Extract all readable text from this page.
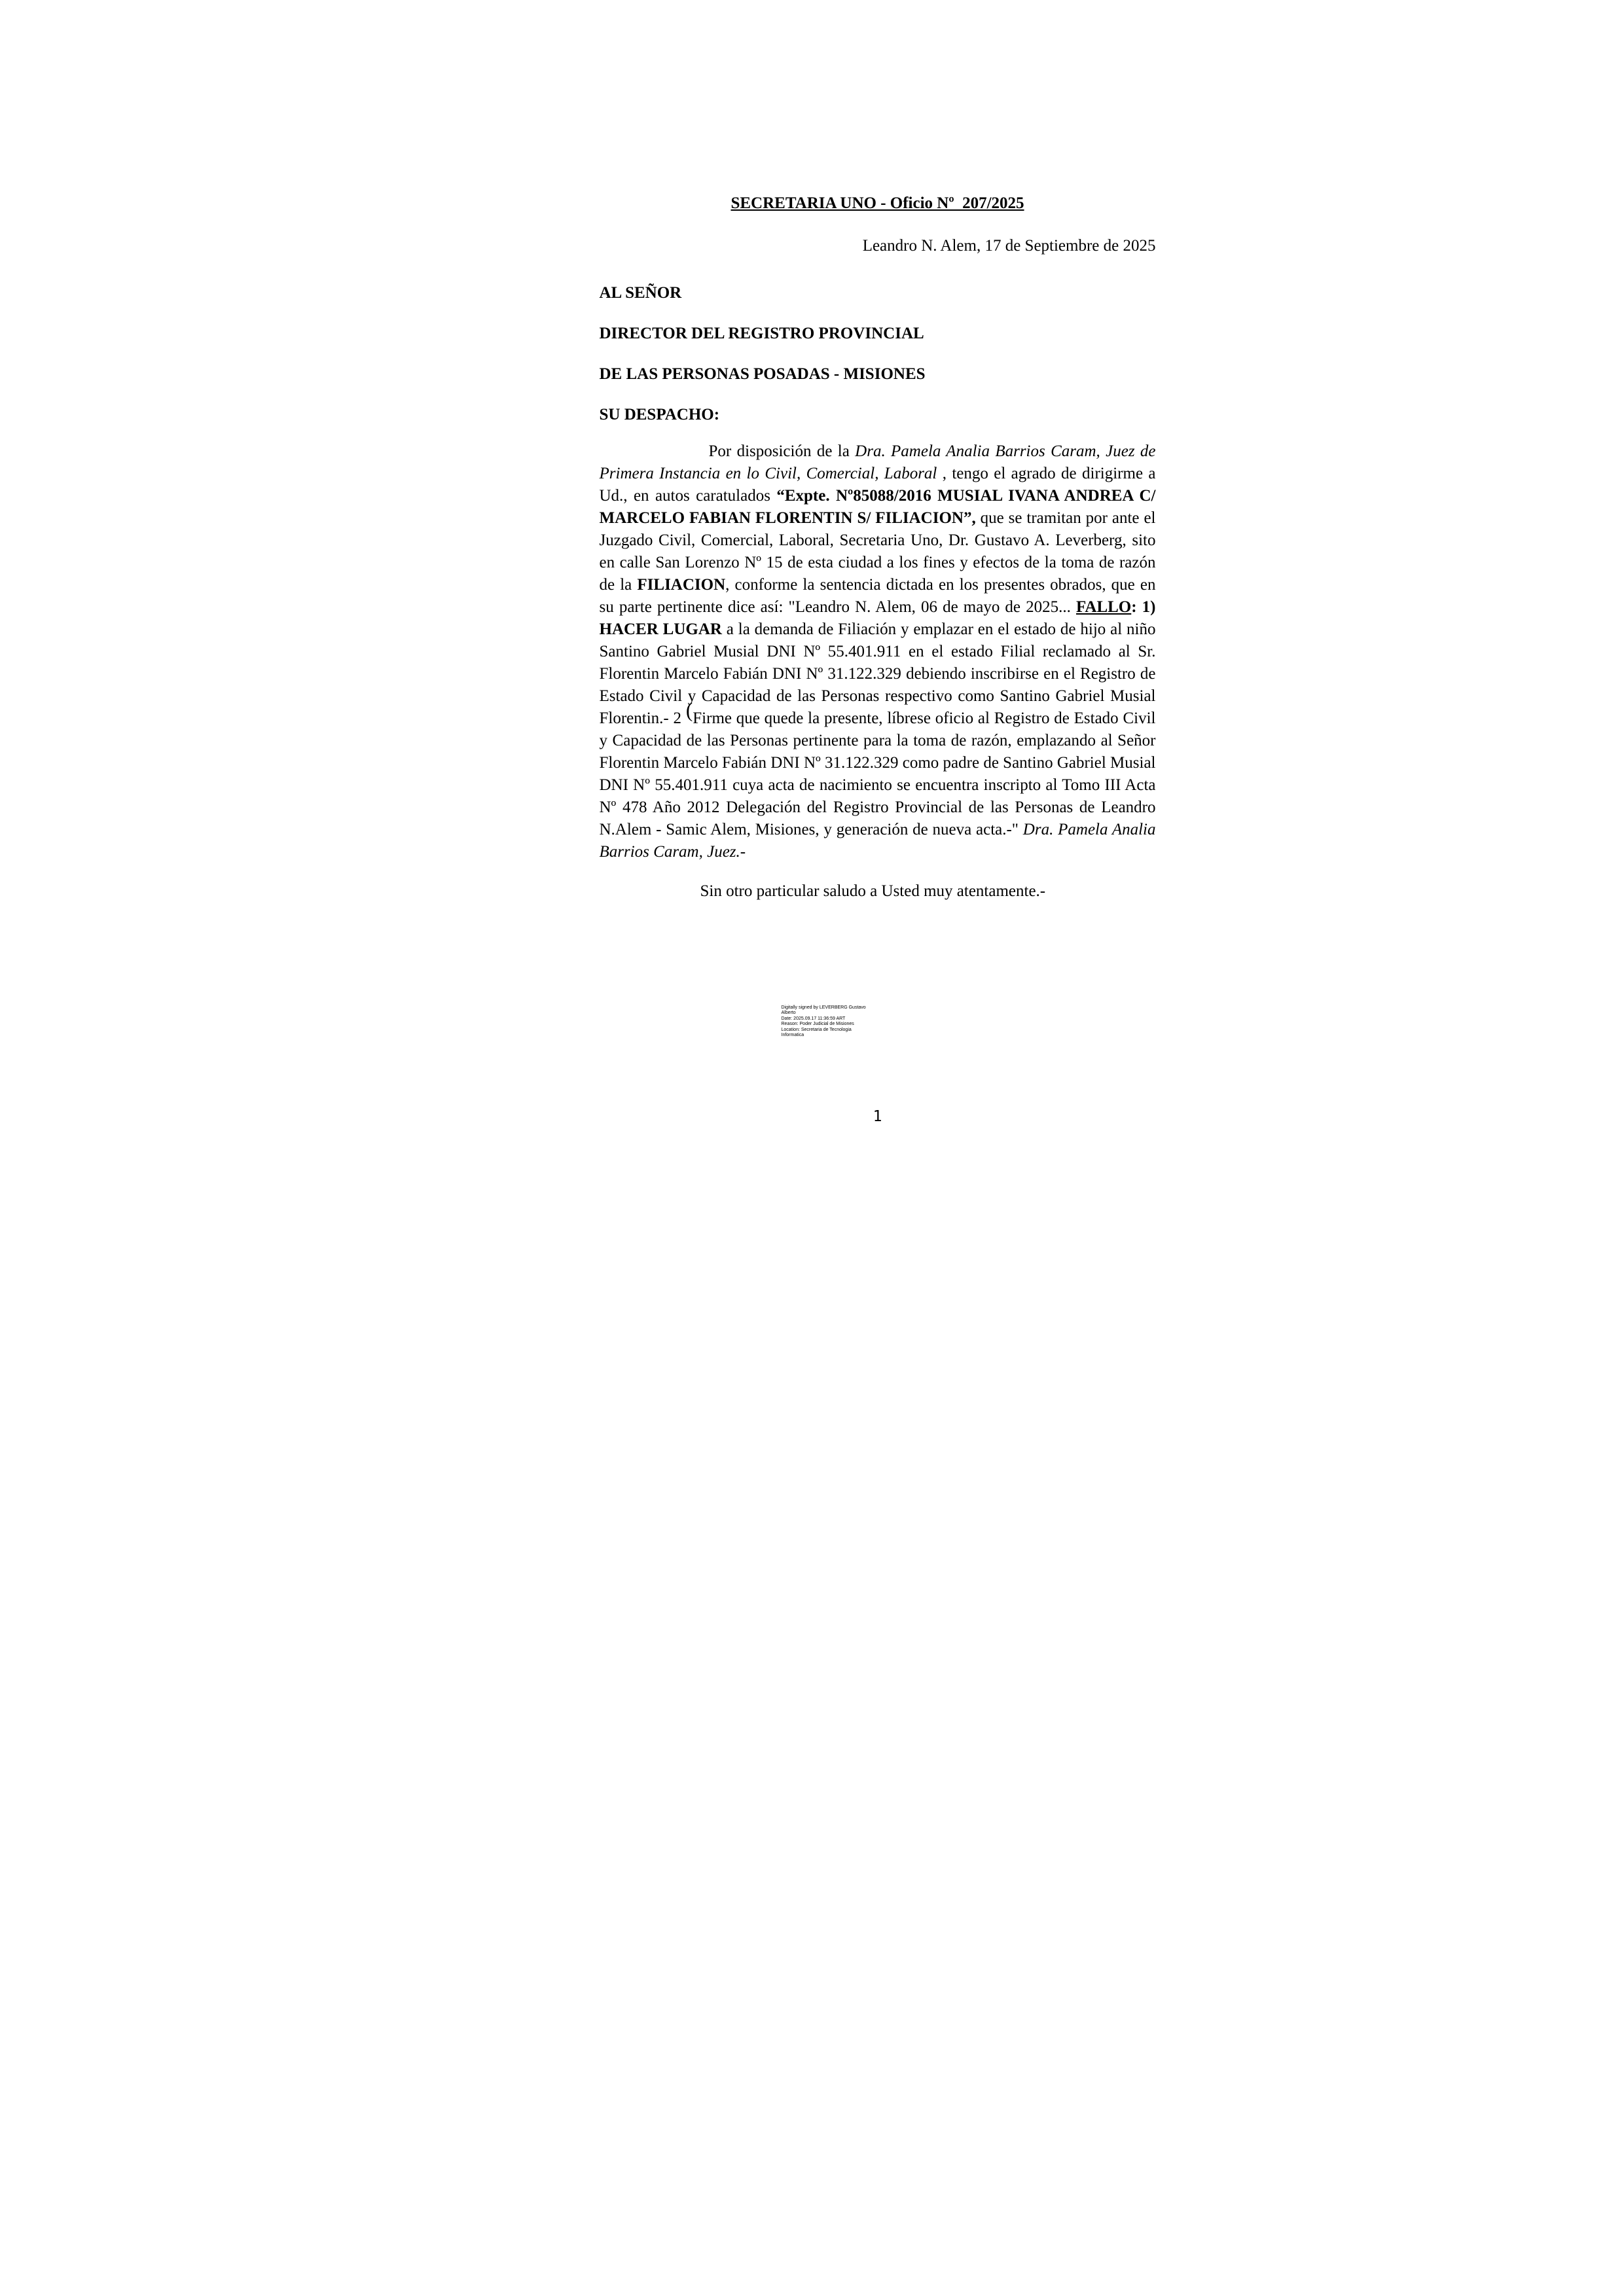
SECRETARIA UNO - Oficio Nº  207/2025
Leandro N. Alem, 17 de Septiembre de 2025
AL SEÑOR
DIRECTOR DEL REGISTRO PROVINCIAL
DE LAS PERSONAS POSADAS - MISIONES
SU DESPACHO:

Por disposición de la Dra. Pamela Analia Barrios Caram, Juez de Primera Instancia en lo Civil, Comercial, Laboral , tengo el agrado de dirigirme a Ud., en autos caratulados “Expte. Nº85088/2016 MUSIAL IVANA ANDREA C/ MARCELO FABIAN FLORENTIN S/ FILIACION”, que se tramitan por ante el Juzgado Civil, Comercial, Laboral, Secretaria Uno, Dr. Gustavo A. Leverberg, sito en calle San Lorenzo Nº 15 de esta ciudad a los fines y efectos de la toma de razón de la FILIACION, conforme la sentencia dictada en los presentes obrados, que en su parte pertinente dice así: "Leandro N. Alem, 06 de mayo de 2025... FALLO: 1) HACER LUGAR a la demanda de Filiación y emplazar en el estado de hijo al niño Santino Gabriel Musial DNI Nº 55.401.911 en el estado Filial reclamado al Sr. Florentin Marcelo Fabián DNI Nº 31.122.329 debiendo inscribirse en el Registro de Estado Civil y Capacidad de las Personas respectivo como Santino Gabriel Musial Florentin.- 2 (Firme que quede la presente, líbrese oficio al Registro de Estado Civil y Capacidad de las Personas pertinente para la toma de razón, emplazando al Señor Florentin Marcelo Fabián DNI Nº 31.122.329 como padre de Santino Gabriel Musial DNI Nº 55.401.911 cuya acta de nacimiento se encuentra inscripto al Tomo III Acta Nº 478 Año 2012 Delegación del Registro Provincial de las Personas de Leandro N.Alem - Samic Alem, Misiones, y generación de nueva acta.-" Dra. Pamela Analia Barrios Caram, Juez.-

Sin otro particular saludo a Usted muy atentamente.-

Digitally signed by LEVERBERG Gustavo
Alberto
Date: 2025.09.17 11:36:59 ART
Reason: Poder Judicial de Misiones
Location: Secretaria de Tecnologia
Informatica
1
